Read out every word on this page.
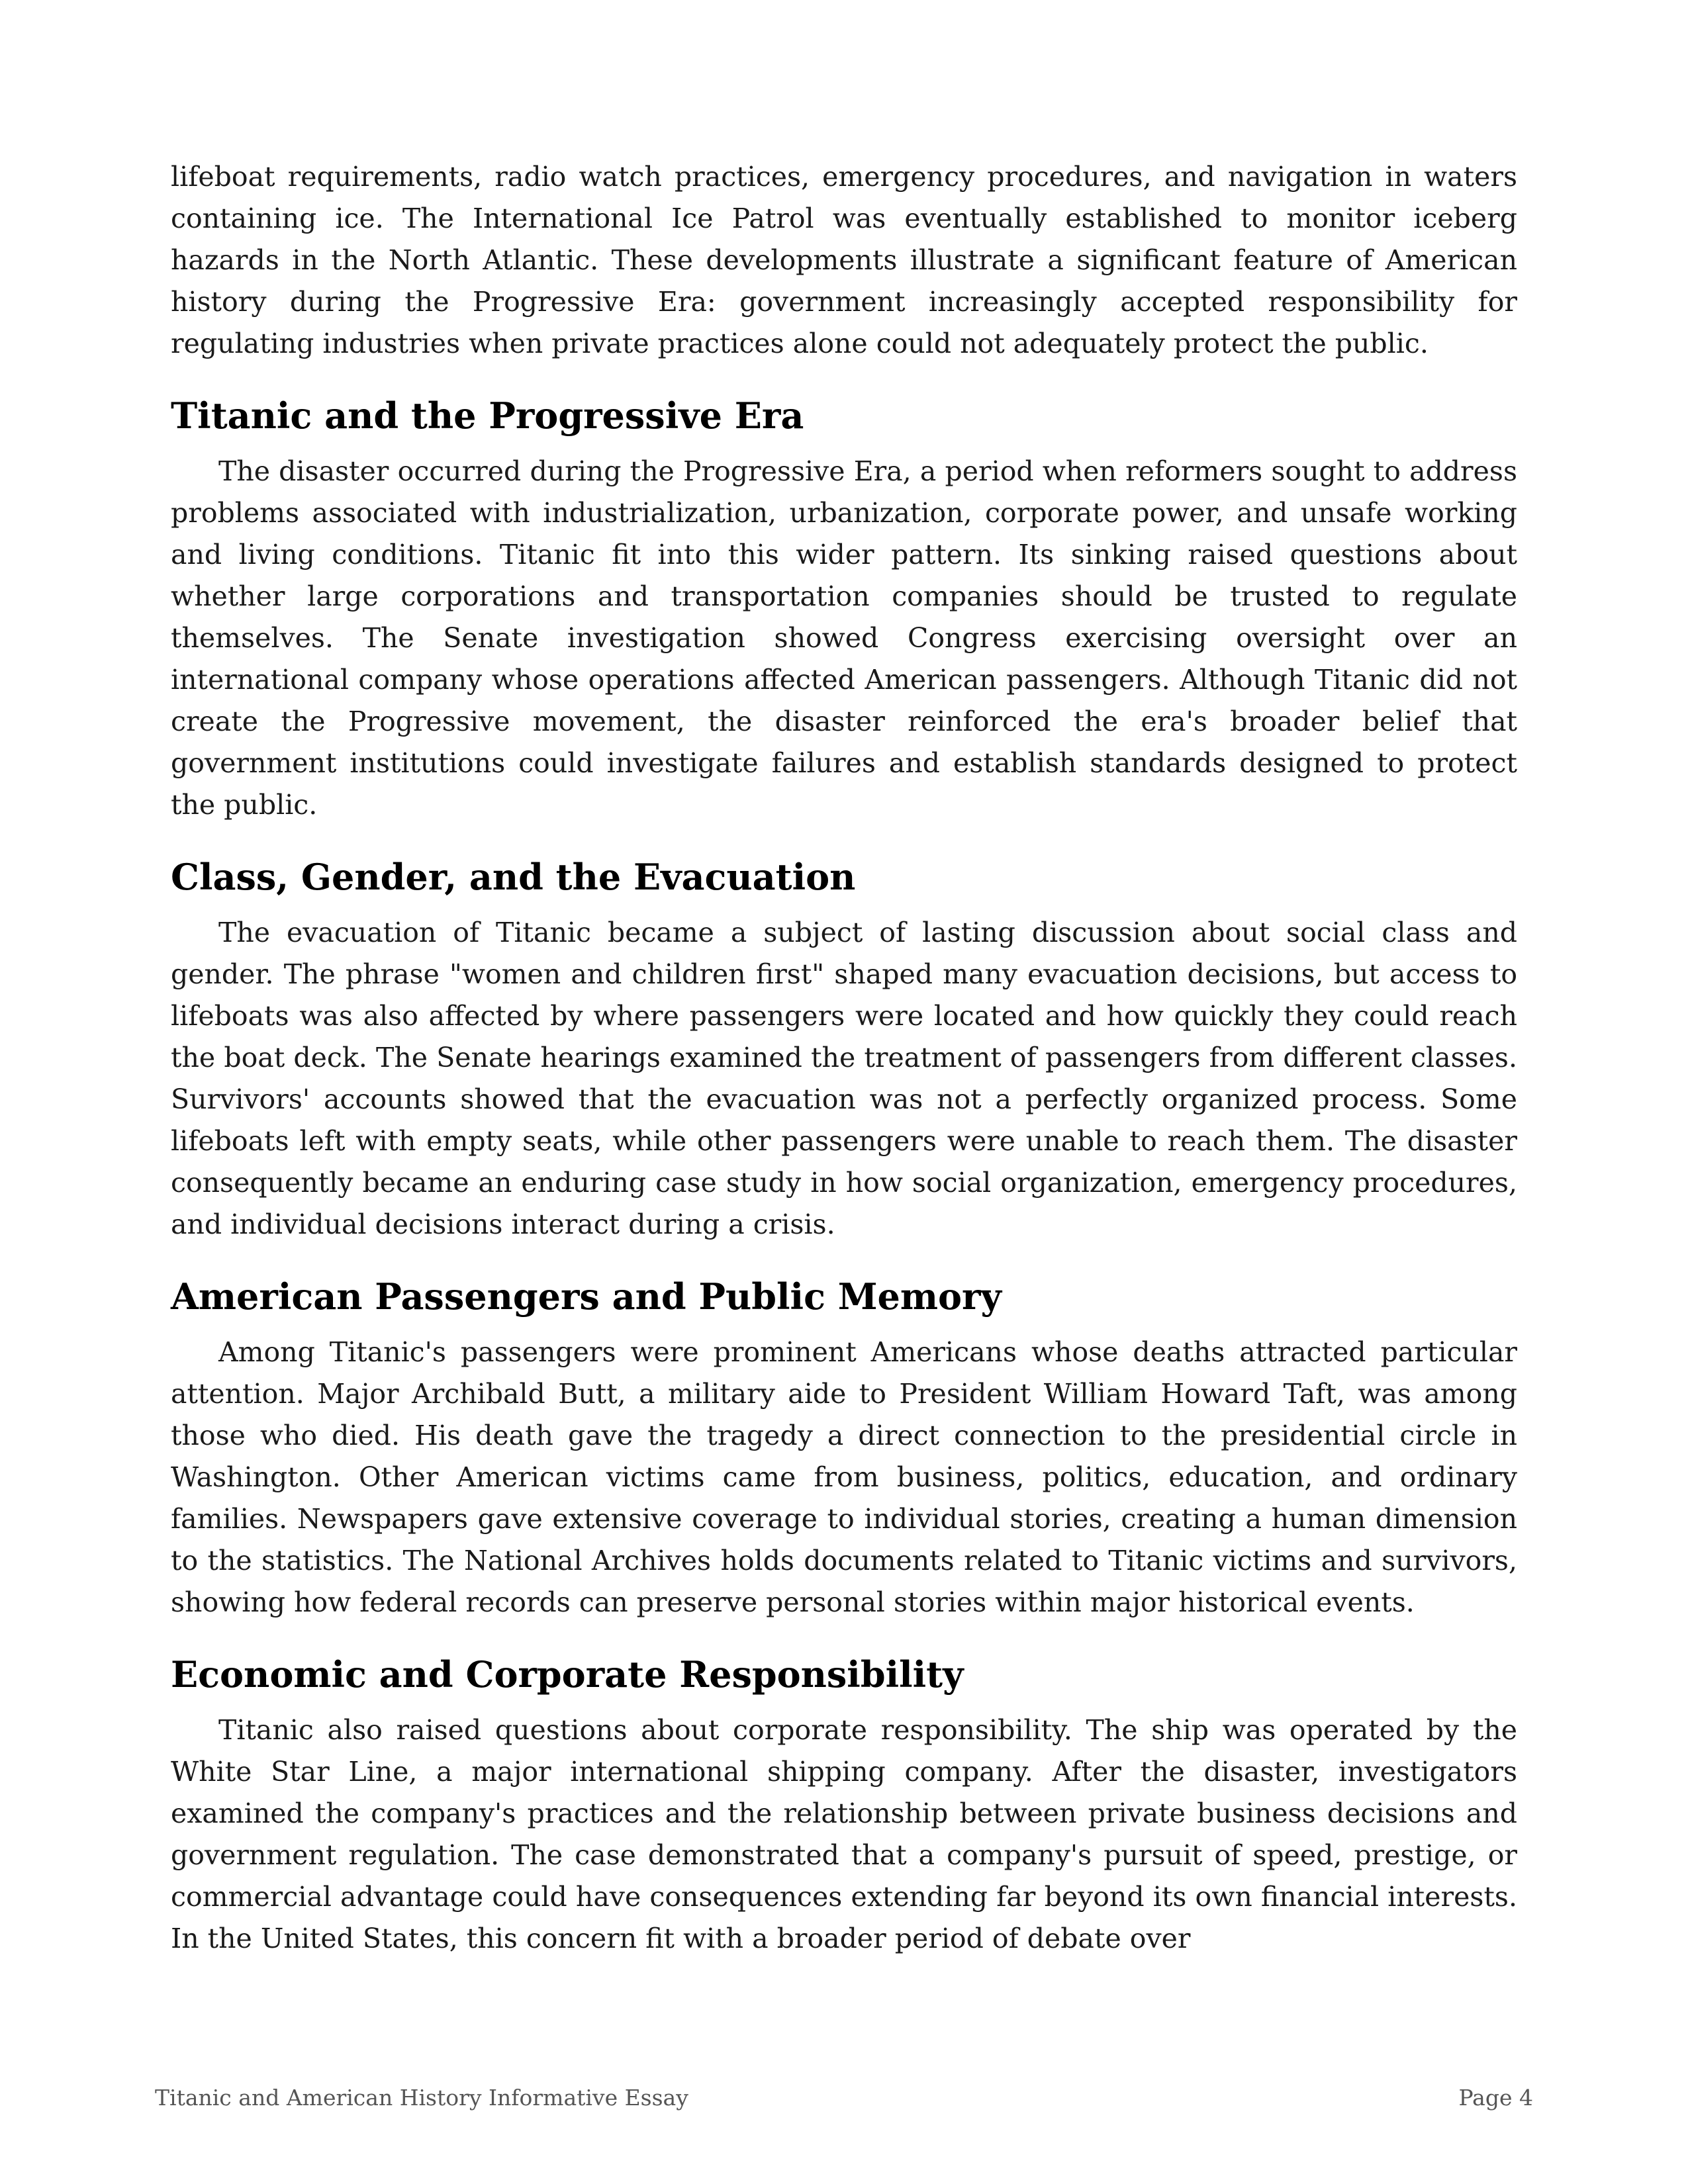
lifeboat requirements, radio watch practices, emergency procedures, and navigation in waters containing ice. The International Ice Patrol was eventually established to monitor iceberg hazards in the North Atlantic. These developments illustrate a significant feature of American history during the Progressive Era: government increasingly accepted responsibility for regulating industries when private practices alone could not adequately protect the public.

Titanic and the Progressive Era

The disaster occurred during the Progressive Era, a period when reformers sought to address problems associated with industrialization, urbanization, corporate power, and unsafe working and living conditions. Titanic fit into this wider pattern. Its sinking raised questions about whether large corporations and transportation companies should be trusted to regulate themselves. The Senate investigation showed Congress exercising oversight over an international company whose operations affected American passengers. Although Titanic did not create the Progressive movement, the disaster reinforced the era's broader belief that government institutions could investigate failures and establish standards designed to protect the public.

Class, Gender, and the Evacuation

The evacuation of Titanic became a subject of lasting discussion about social class and gender. The phrase "women and children first" shaped many evacuation decisions, but access to lifeboats was also affected by where passengers were located and how quickly they could reach the boat deck. The Senate hearings examined the treatment of passengers from different classes. Survivors' accounts showed that the evacuation was not a perfectly organized process. Some lifeboats left with empty seats, while other passengers were unable to reach them. The disaster consequently became an enduring case study in how social organization, emergency procedures, and individual decisions interact during a crisis.

American Passengers and Public Memory

Among Titanic's passengers were prominent Americans whose deaths attracted particular attention. Major Archibald Butt, a military aide to President William Howard Taft, was among those who died. His death gave the tragedy a direct connection to the presidential circle in Washington. Other American victims came from business, politics, education, and ordinary families. Newspapers gave extensive coverage to individual stories, creating a human dimension to the statistics. The National Archives holds documents related to Titanic victims and survivors, showing how federal records can preserve personal stories within major historical events.

Economic and Corporate Responsibility

Titanic also raised questions about corporate responsibility. The ship was operated by the White Star Line, a major international shipping company. After the disaster, investigators examined the company's practices and the relationship between private business decisions and government regulation. The case demonstrated that a company's pursuit of speed, prestige, or commercial advantage could have consequences extending far beyond its own financial interests. In the United States, this concern fit with a broader period of debate over

Titanic and American History Informative Essay	Page 4
